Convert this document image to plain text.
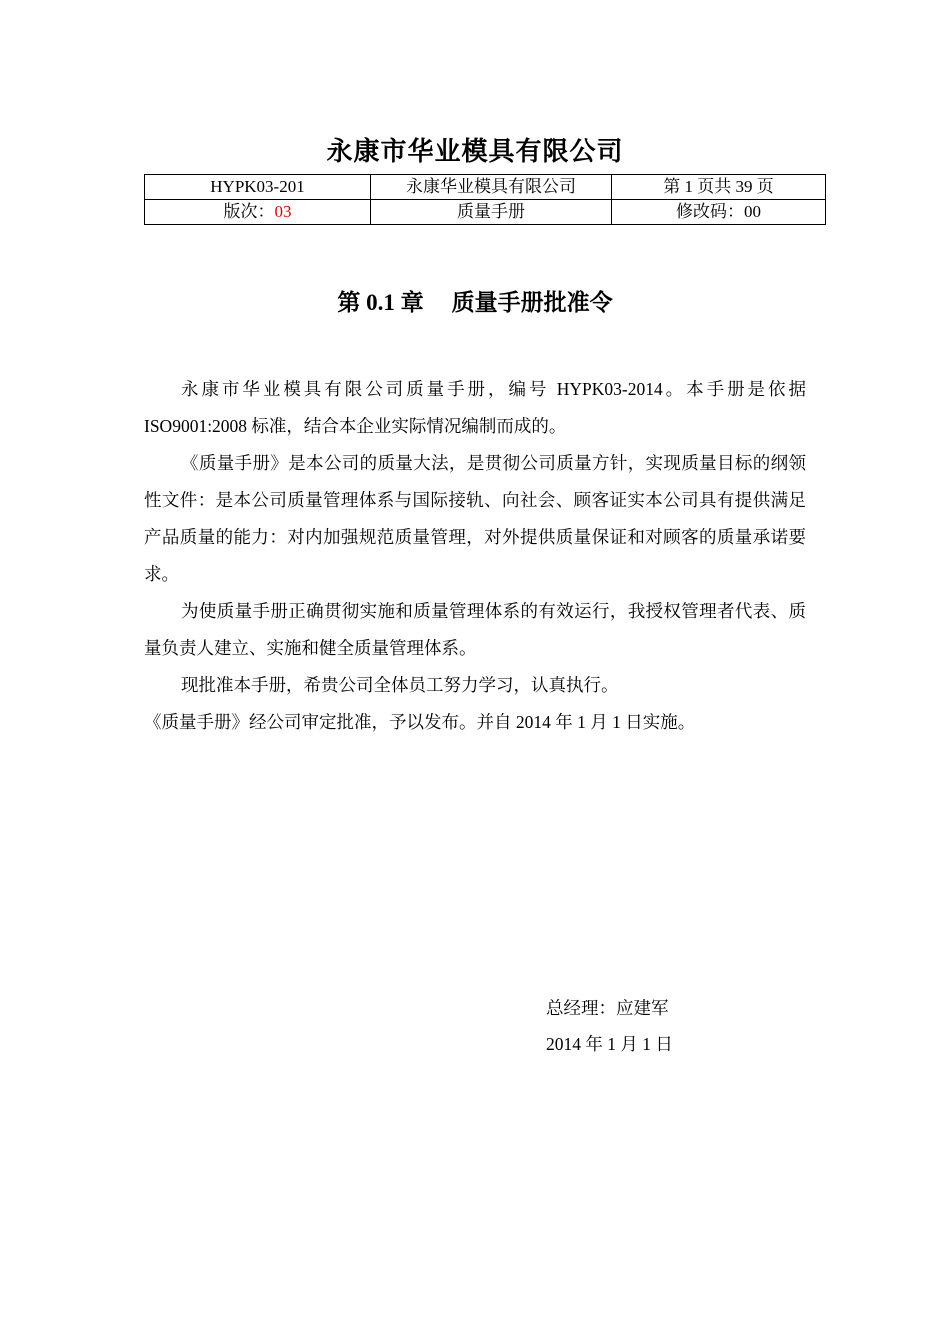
永康市华业模具有限公司
HYPK03-201	永康华业模具有限公司	第 1 页共 39 页
版次：03	质量手册	修改码：00
第 0.1 章 质量手册批准令

永康市华业模具有限公司质量手册，编号 HYPK03-2014。本手册是依据 ISO9001:2008 标准，结合本企业实际情况编制而成的。

《质量手册》是本公司的质量大法，是贯彻公司质量方针，实现质量目标的纲领性文件：是本公司质量管理体系与国际接轨、向社会、顾客证实本公司具有提供满足产品质量的能力：对内加强规范质量管理，对外提供质量保证和对顾客的质量承诺要求。

为使质量手册正确贯彻实施和质量管理体系的有效运行，我授权管理者代表、质量负责人建立、实施和健全质量管理体系。

现批准本手册，希贵公司全体员工努力学习，认真执行。

《质量手册》经公司审定批准，予以发布。并自 2014 年 1 月 1 日实施。

总经理：应建军
2014 年 1 月 1 日
